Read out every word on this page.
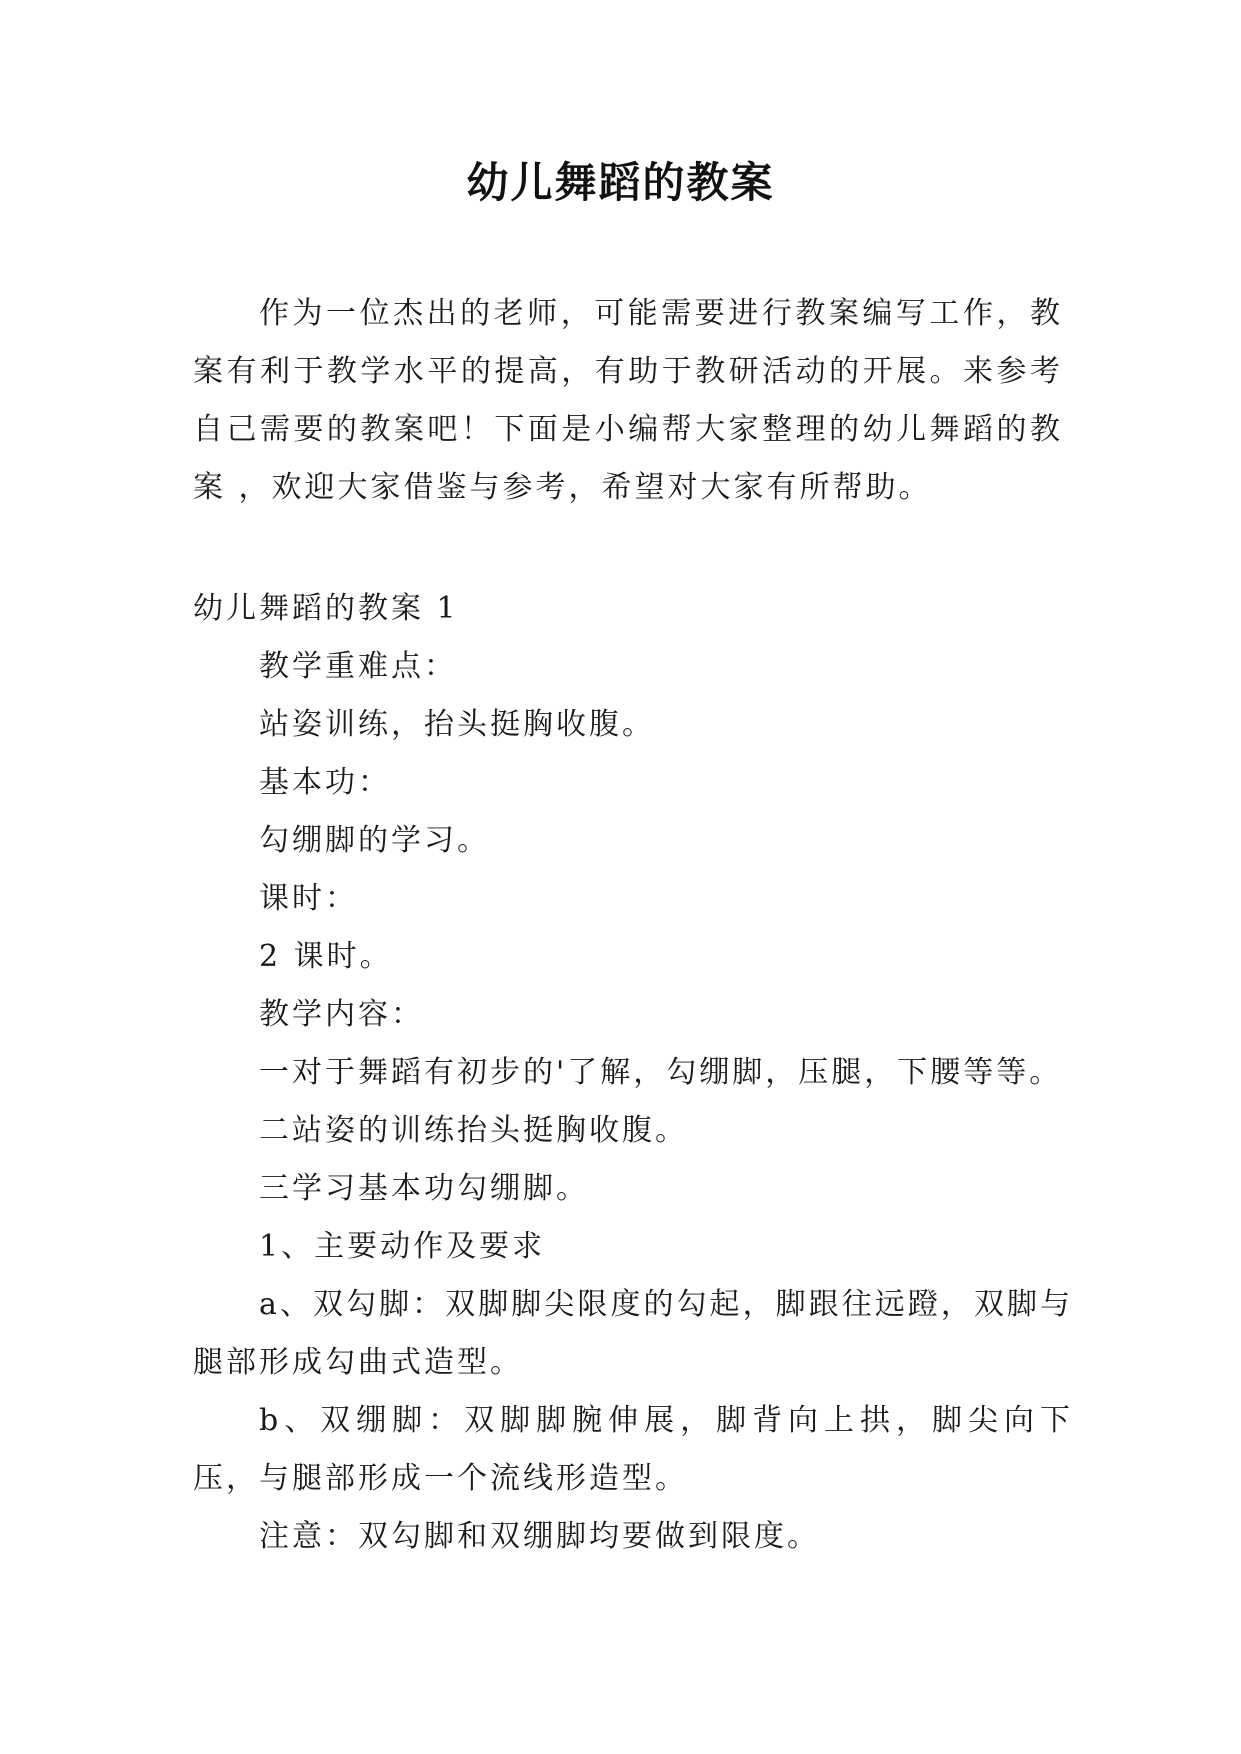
幼儿舞蹈的教案

作为一位杰出的老师，可能需要进行教案编写工作，教案有利于教学水平的提高，有助于教研活动的开展。来参考自己需要的教案吧！下面是小编帮大家整理的幼儿舞蹈的教案 ，欢迎大家借鉴与参考，希望对大家有所帮助。

幼儿舞蹈的教案 1

教学重难点：

站姿训练，抬头挺胸收腹。

基本功：

勾绷脚的学习。

课时：

2 课时。

教学内容：

一对于舞蹈有初步的'了解，勾绷脚，压腿，下腰等等。

二站姿的训练抬头挺胸收腹。

三学习基本功勾绷脚。

1、主要动作及要求

a、双勾脚：双脚脚尖限度的勾起，脚跟往远蹬，双脚与腿部形成勾曲式造型。

b、双绷脚：双脚脚腕伸展，脚背向上拱，脚尖向下压，与腿部形成一个流线形造型。

注意：双勾脚和双绷脚均要做到限度。
